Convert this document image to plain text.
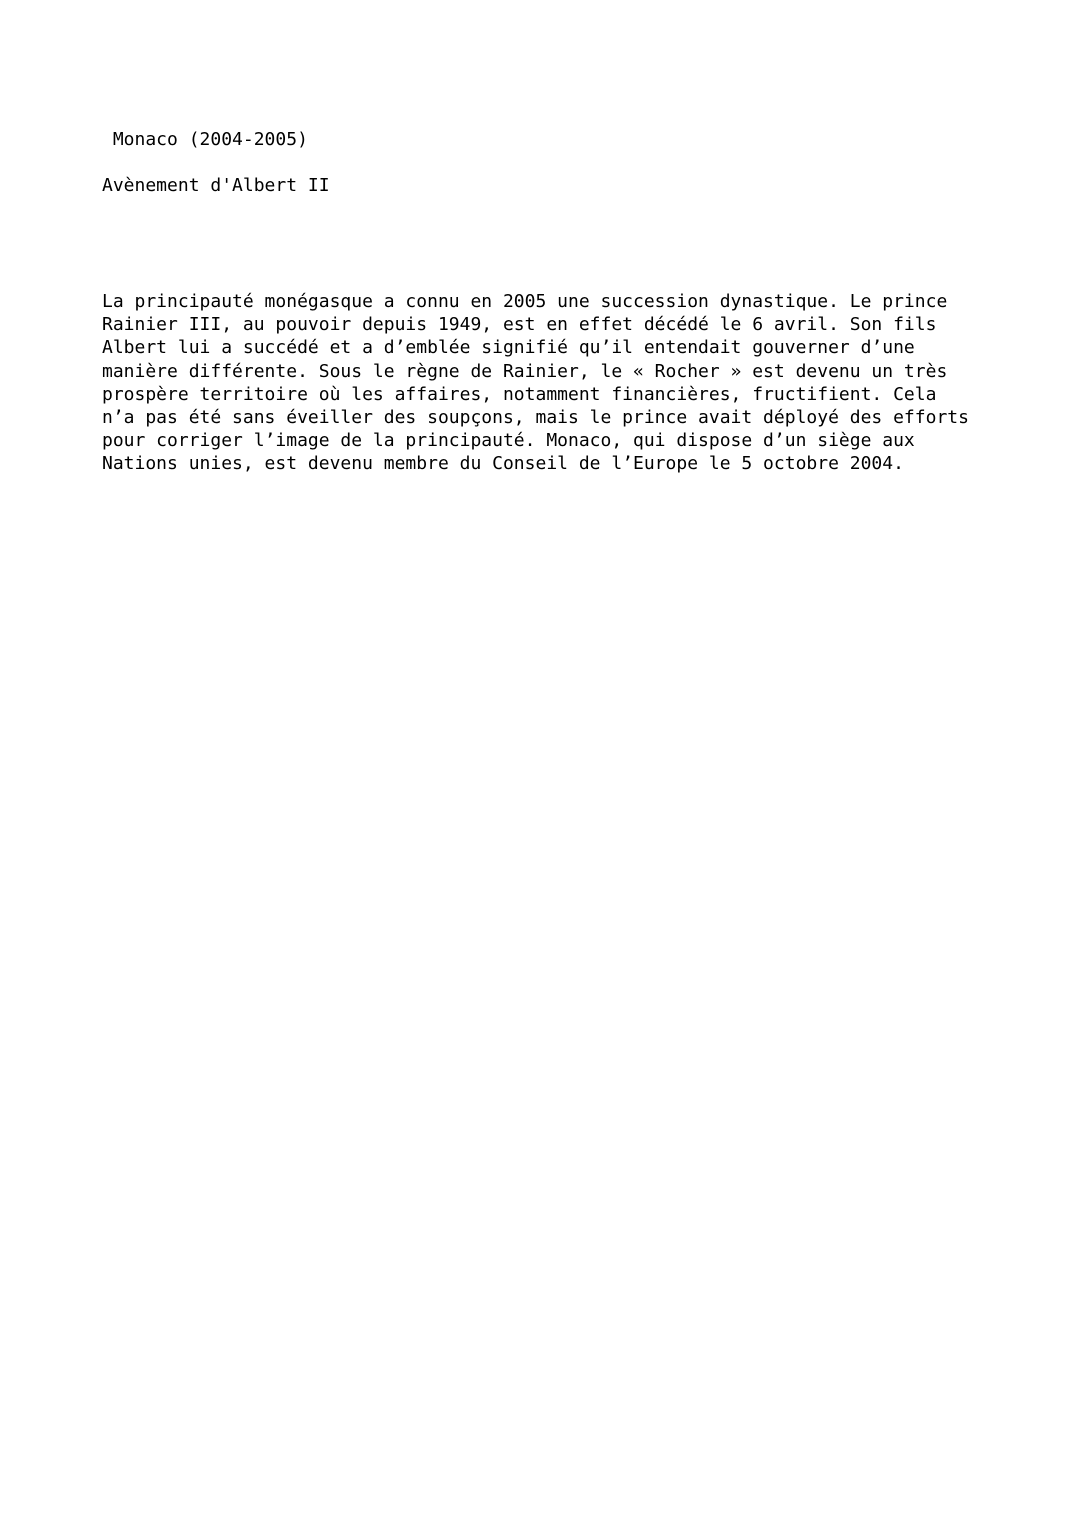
Monaco (2004-2005)
Avènement d'Albert II

La principauté monégasque a connu en 2005 une succession dynastique. Le prince
Rainier III, au pouvoir depuis 1949, est en effet décédé le 6 avril. Son fils
Albert lui a succédé et a d’emblée signifié qu’il entendait gouverner d’une
manière différente. Sous le règne de Rainier, le « Rocher » est devenu un très
prospère territoire où les affaires, notamment financières, fructifient. Cela
n’a pas été sans éveiller des soupçons, mais le prince avait déployé des efforts
pour corriger l’image de la principauté. Monaco, qui dispose d’un siège aux
Nations unies, est devenu membre du Conseil de l’Europe le 5 octobre 2004.
